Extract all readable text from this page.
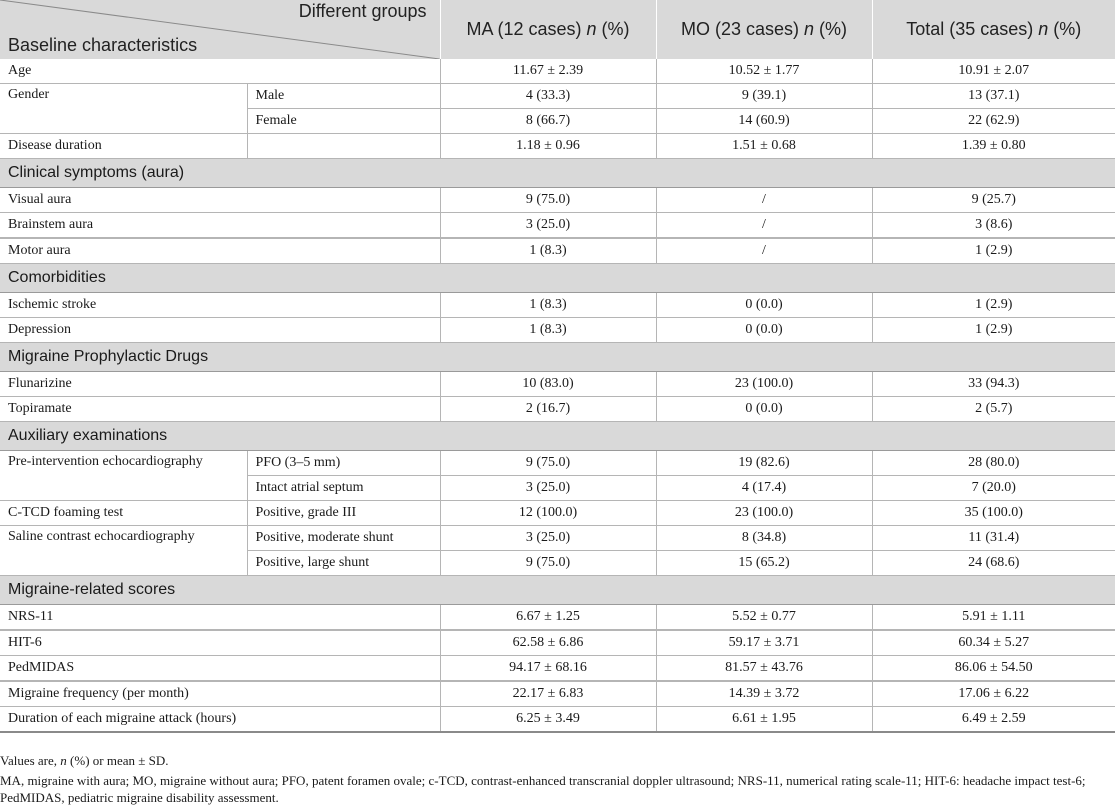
Different groups
Baseline characteristics		MA (12 cases) n (%)	MO (23 cases) n (%)	Total (35 cases) n (%)
Age		11.67 ± 2.39	10.52 ± 1.77	10.91 ± 2.07
Gender	Male	4 (33.3)	9 (39.1)	13 (37.1)
	Female	8 (66.7)	14 (60.9)	22 (62.9)
Disease duration		1.18 ± 0.96	1.51 ± 0.68	1.39 ± 0.80
Clinical symptoms (aura)				
Visual aura		9 (75.0)	/	9 (25.7)
Brainstem aura		3 (25.0)	/	3 (8.6)
Motor aura		1 (8.3)	/	1 (2.9)
Comorbidities				
Ischemic stroke		1 (8.3)	0 (0.0)	1 (2.9)
Depression		1 (8.3)	0 (0.0)	1 (2.9)
Migraine Prophylactic Drugs				
Flunarizine		10 (83.0)	23 (100.0)	33 (94.3)
Topiramate		2 (16.7)	0 (0.0)	2 (5.7)
Auxiliary examinations				
Pre-intervention echocardiography	PFO (3–5 mm)	9 (75.0)	19 (82.6)	28 (80.0)
	Intact atrial septum	3 (25.0)	4 (17.4)	7 (20.0)
C-TCD foaming test	Positive, grade III	12 (100.0)	23 (100.0)	35 (100.0)
Saline contrast echocardiography	Positive, moderate shunt	3 (25.0)	8 (34.8)	11 (31.4)
	Positive, large shunt	9 (75.0)	15 (65.2)	24 (68.6)
Migraine-related scores				
NRS-11		6.67 ± 1.25	5.52 ± 0.77	5.91 ± 1.11
HIT-6		62.58 ± 6.86	59.17 ± 3.71	60.34 ± 5.27
PedMIDAS		94.17 ± 68.16	81.57 ± 43.76	86.06 ± 54.50
Migraine frequency (per month)		22.17 ± 6.83	14.39 ± 3.72	17.06 ± 6.22
Duration of each migraine attack (hours)		6.25 ± 3.49	6.61 ± 1.95	6.49 ± 2.59

Values are, n (%) or mean ± SD.

MA, migraine with aura; MO, migraine without aura; PFO, patent foramen ovale; c-TCD, contrast-enhanced transcranial doppler ultrasound; NRS-11, numerical rating scale-11; HIT-6: headache impact test-6; PedMIDAS, pediatric migraine disability assessment.
